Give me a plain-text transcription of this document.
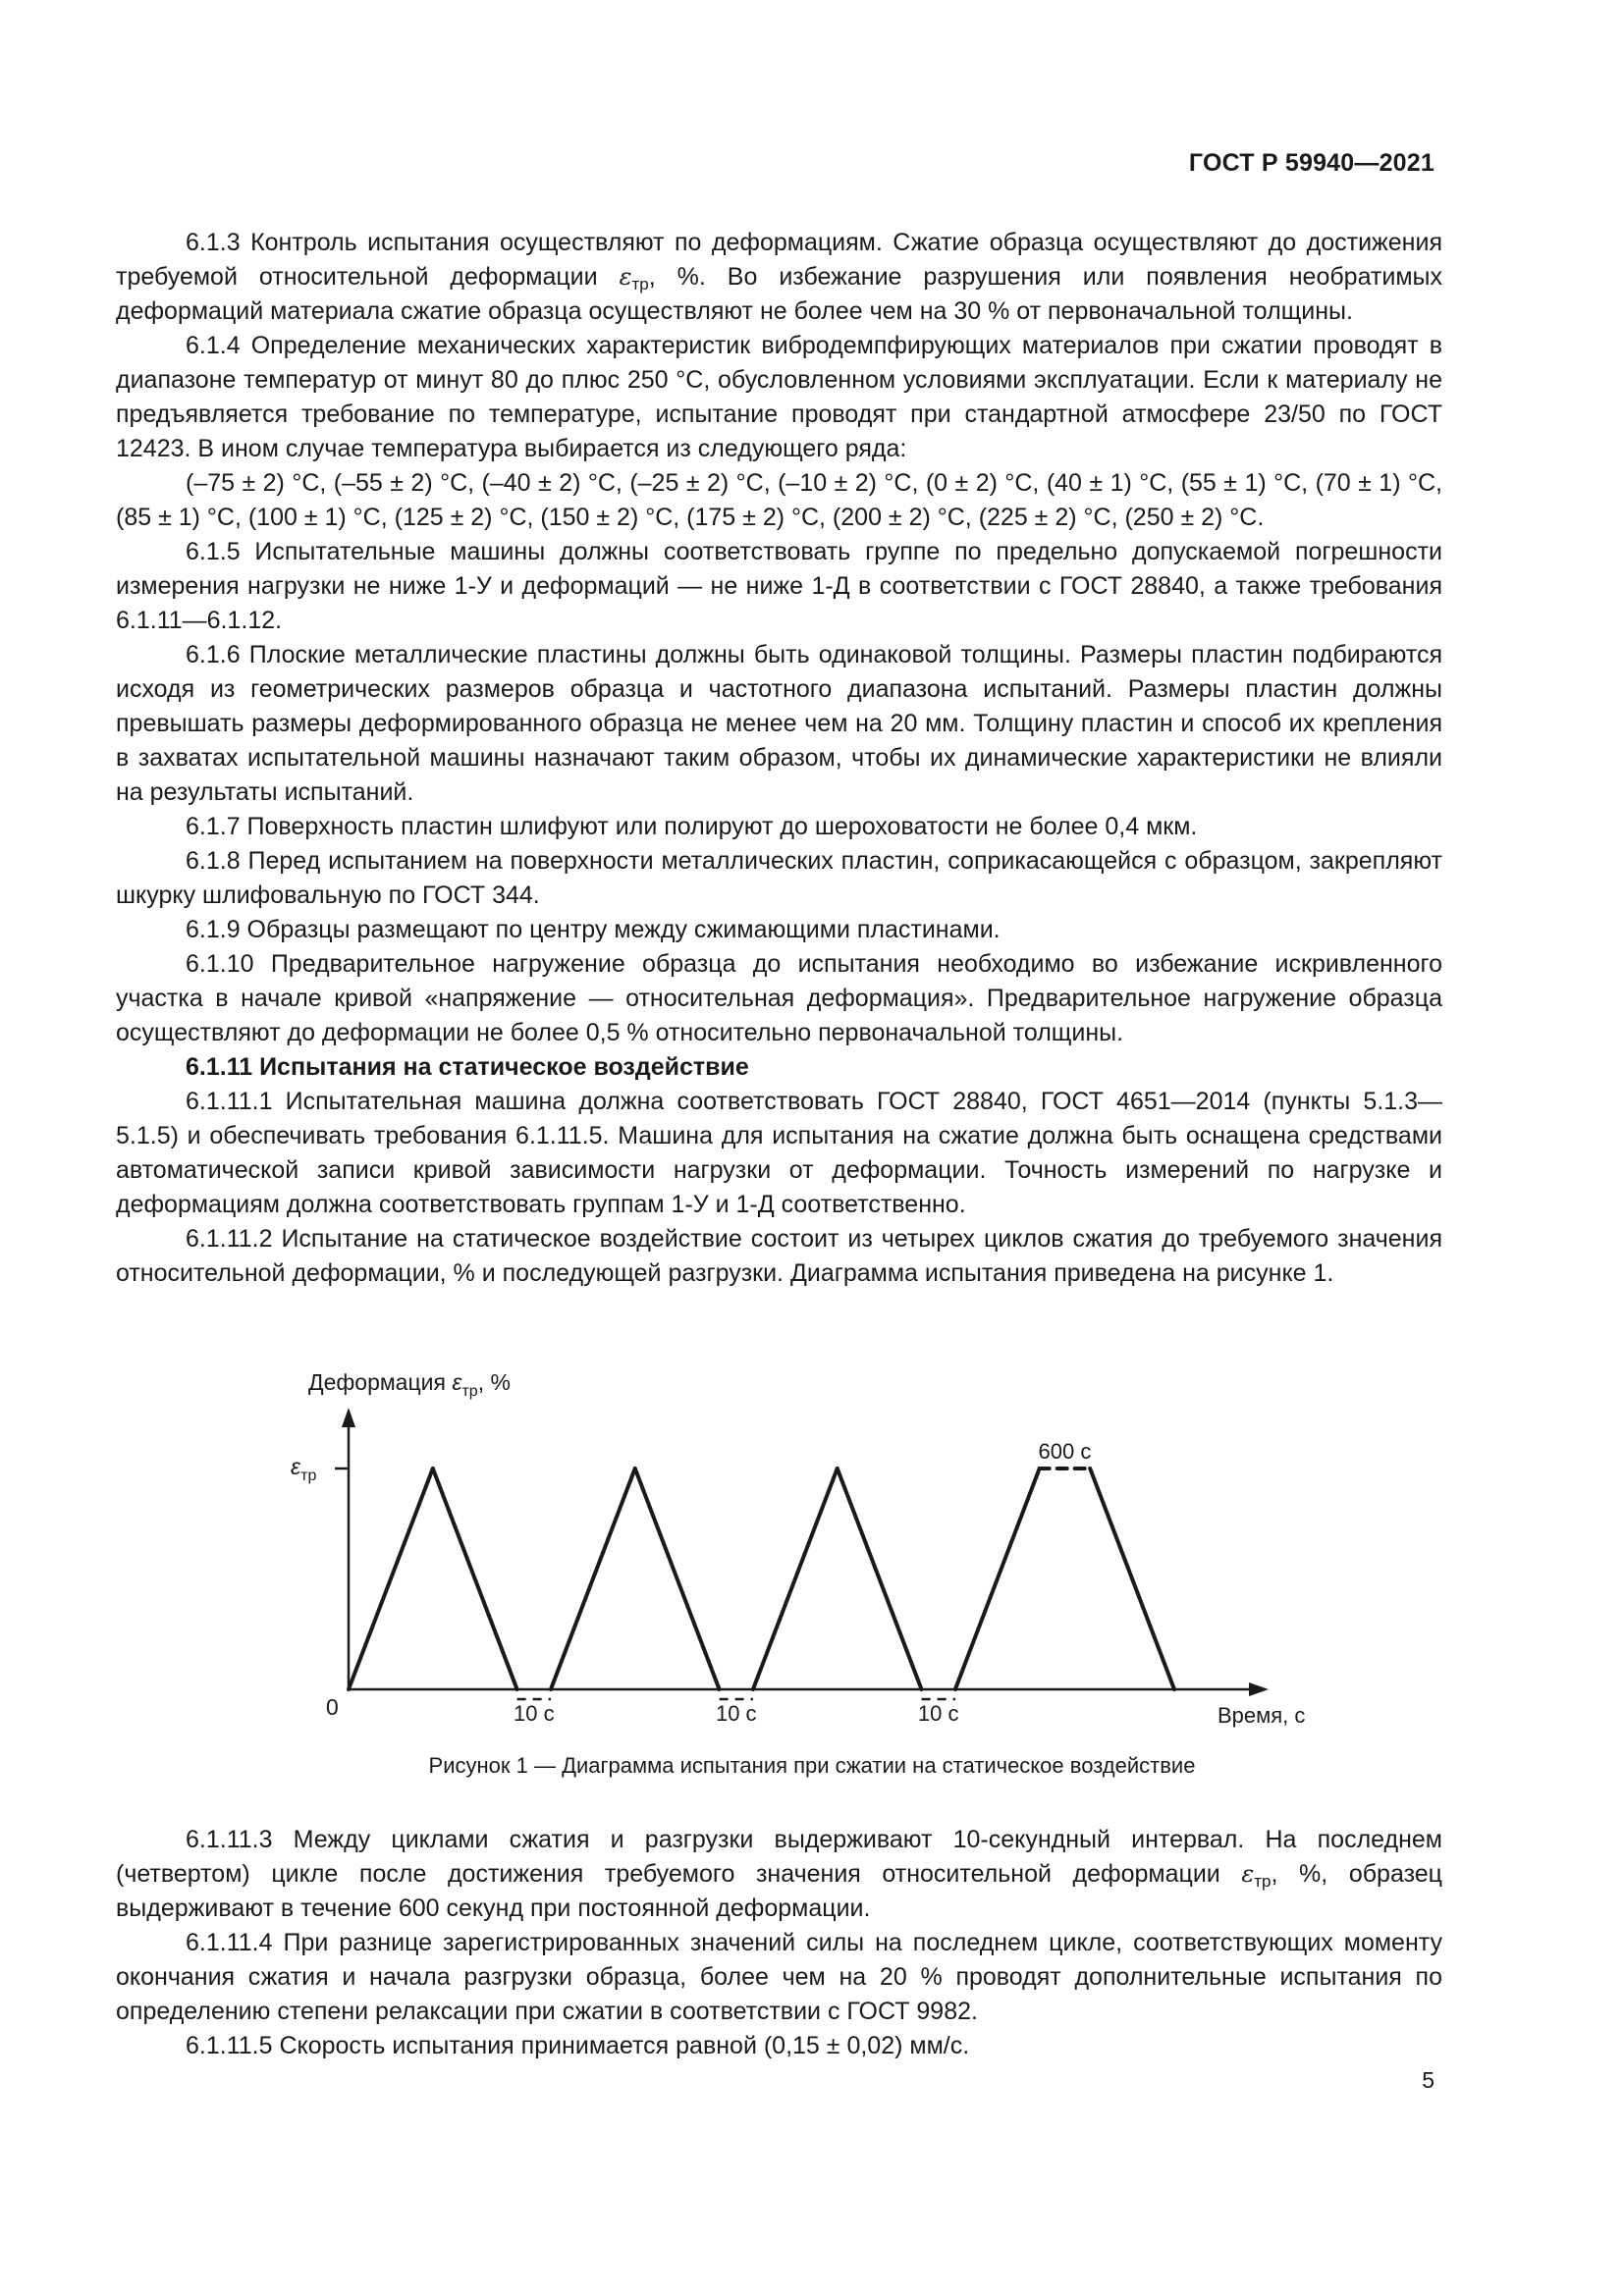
ГОСТ Р 59940—2021

6.1.3 Контроль испытания осуществляют по деформациям. Сжатие образца осуществляют до достижения требуемой относительной деформации $\varepsilon_{тр}$, %. Во избежание разрушения или появления необратимых деформаций материала сжатие образца осуществляют не более чем на 30 % от первоначальной толщины.

6.1.4 Определение механических характеристик вибродемпфирующих материалов при сжатии проводят в диапазоне температур от минут 80 до плюс 250 °С, обусловленном условиями эксплуатации. Если к материалу не предъявляется требование по температуре, испытание проводят при стандартной атмосфере 23/50 по ГОСТ 12423. В ином случае температура выбирается из следующего ряда:

(–75 ± 2) °С, (–55 ± 2) °С, (–40 ± 2) °С, (–25 ± 2) °С, (–10 ± 2) °С, (0 ± 2) °С, (40 ± 1) °С, (55 ± 1) °С, (70 ± 1) °С, (85 ± 1) °С, (100 ± 1) °С, (125 ± 2) °С, (150 ± 2) °С, (175 ± 2) °С, (200 ± 2) °С, (225 ± 2) °С, (250 ± 2) °С.

6.1.5 Испытательные машины должны соответствовать группе по предельно допускаемой погрешности измерения нагрузки не ниже 1-У и деформаций — не ниже 1-Д в соответствии с ГОСТ 28840, а также требования 6.1.11—6.1.12.

6.1.6 Плоские металлические пластины должны быть одинаковой толщины. Размеры пластин подбираются исходя из геометрических размеров образца и частотного диапазона испытаний. Размеры пластин должны превышать размеры деформированного образца не менее чем на 20 мм. Толщину пластин и способ их крепления в захватах испытательной машины назначают таким образом, чтобы их динамические характеристики не влияли на результаты испытаний.

6.1.7 Поверхность пластин шлифуют или полируют до шероховатости не более 0,4 мкм.

6.1.8 Перед испытанием на поверхности металлических пластин, соприкасающейся с образцом, закрепляют шкурку шлифовальную по ГОСТ 344.

6.1.9 Образцы размещают по центру между сжимающими пластинами.

6.1.10 Предварительное нагружение образца до испытания необходимо во избежание искривленного участка в начале кривой «напряжение — относительная деформация». Предварительное нагружение образца осуществляют до деформации не более 0,5 % относительно первоначальной толщины.

6.1.11 Испытания на статическое воздействие

6.1.11.1 Испытательная машина должна соответствовать ГОСТ 28840, ГОСТ 4651—2014 (пункты 5.1.3—5.1.5) и обеспечивать требования 6.1.11.5. Машина для испытания на сжатие должна быть оснащена средствами автоматической записи кривой зависимости нагрузки от деформации. Точность измерений по нагрузке и деформациям должна соответствовать группам 1-У и 1-Д соответственно.

6.1.11.2 Испытание на статическое воздействие состоит из четырех циклов сжатия до требуемого значения относительной деформации, % и последующей разгрузки. Диаграмма испытания приведена на рисунке 1.

10 с	10 с	10 с
600 с
Деформация $\varepsilon_{тр}$, %
$\varepsilon_{тр}$
0	Время, с
Рисунок 1 — Диаграмма испытания при сжатии на статическое воздействие

6.1.11.3 Между циклами сжатия и разгрузки выдерживают 10-секундный интервал. На последнем (четвертом) цикле после достижения требуемого значения относительной деформации $\varepsilon_{тр}$, %, образец выдерживают в течение 600 секунд при постоянной деформации.

6.1.11.4 При разнице зарегистрированных значений силы на последнем цикле, соответствующих моменту окончания сжатия и начала разгрузки образца, более чем на 20 % проводят дополнительные испытания по определению степени релаксации при сжатии в соответствии с ГОСТ 9982.

6.1.11.5 Скорость испытания принимается равной (0,15 ± 0,02) мм/с.

5
